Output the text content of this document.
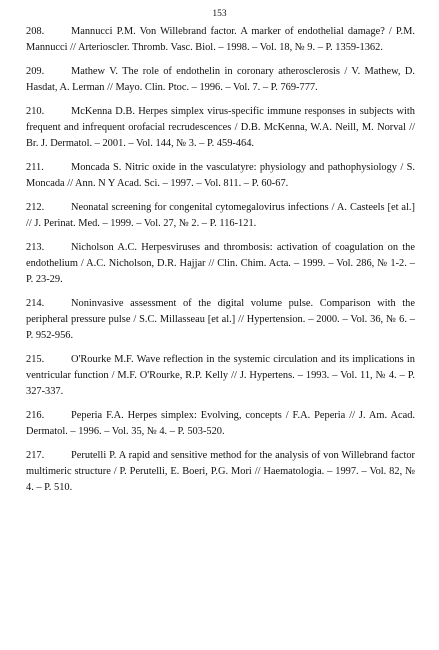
153

208.	Mannucci P.M. Von Willebrand factor. A marker of endothelial damage? / P.M. Mannucci // Arterioscler. Thromb. Vasc. Biol. – 1998. – Vol. 18, № 9. – P. 1359-1362.

209.	Mathew V. The role of endothelin in coronary atherosclerosis / V. Mathew, D. Hasdat, A. Lerman // Mayo. Clin. Ptoc. – 1996. – Vol. 7. – P. 769-777.

210.	McKenna D.B. Herpes simplex virus-specific immune responses in subjects with frequent and infrequent orofacial recrudescences / D.B. McKenna, W.A. Neill, M. Norval // Br. J. Dermatol. – 2001. – Vol. 144, № 3. – P. 459-464.

211.	Moncada S. Nitric oxide in the vasculatyre: physiology and pathophysiology / S. Moncada // Ann. N Y Acad. Sci. – 1997. – Vol. 811. – P. 60-67.

212.	Neonatal screening for congenital cytomegalovirus infections / A. Casteels [et al.] // J. Perinat. Med. – 1999. – Vol. 27, № 2. – P. 116-121.

213.	Nicholson A.C. Herpesviruses and thrombosis: activation of coagulation on the endothelium / A.C. Nicholson, D.R. Hajjar // Clin. Chim. Acta. – 1999. – Vol. 286, № 1-2. – P. 23-29.

214.	Noninvasive assessment of the digital volume pulse. Comparison with the peripheral pressure pulse / S.C. Millasseau [et al.] // Hypertension. – 2000. – Vol. 36, № 6. – P. 952-956.

215.	O'Rourke M.F. Wave reflection in the systemic circulation and its implications in ventricular function / M.F. O'Rourke, R.P. Kelly // J. Hypertens. – 1993. – Vol. 11, № 4. – P. 327-337.

216.	Peperia F.A. Herpes simplex: Evolving, concepts / F.A. Peperia // J. Am. Acad. Dermatol. – 1996. – Vol. 35, № 4. – P. 503-520.

217.	Perutelli P. A rapid and sensitive method for the analysis of von Willebrand factor multimeric structure / P. Perutelli, E. Boeri, P.G. Mori // Haematologia. – 1997. – Vol. 82, № 4. – P. 510.
